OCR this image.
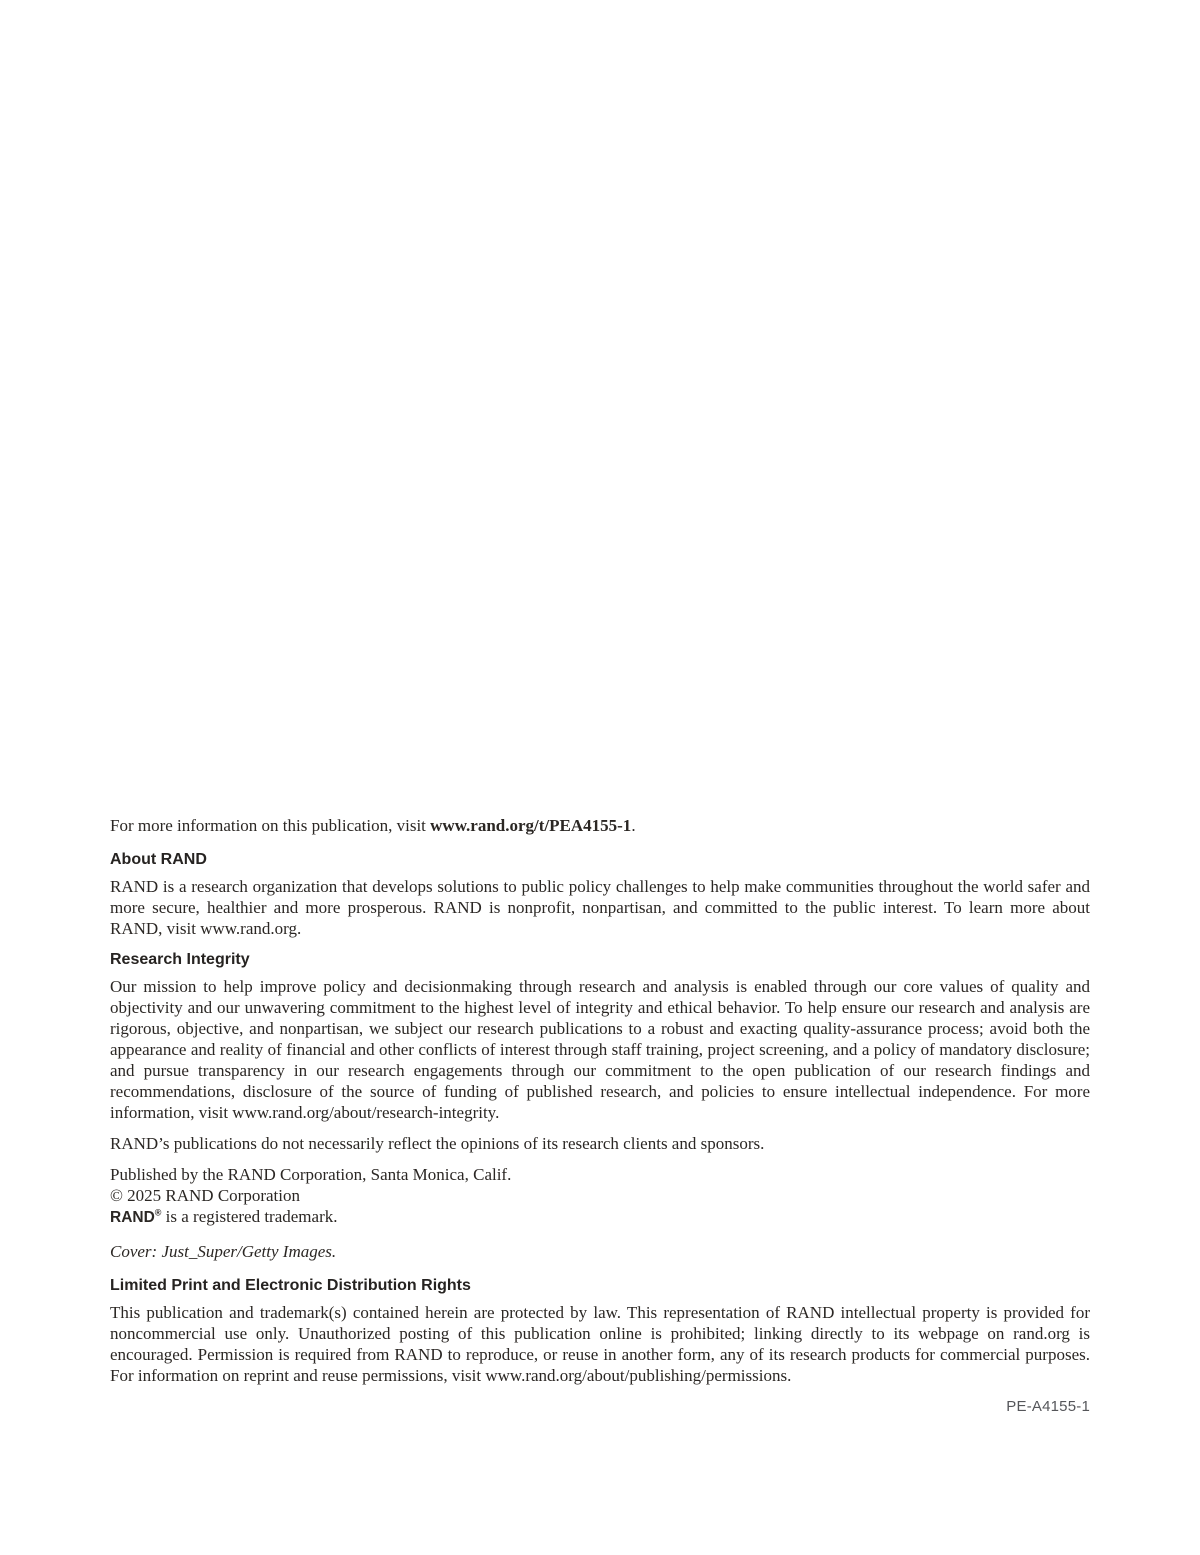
For more information on this publication, visit www.rand.org/t/PEA4155-1.

About RAND

RAND is a research organization that develops solutions to public policy challenges to help make communities throughout the world safer and more secure, healthier and more prosperous. RAND is nonprofit, nonpartisan, and committed to the public interest. To learn more about RAND, visit www.rand.org.

Research Integrity

Our mission to help improve policy and decisionmaking through research and analysis is enabled through our core values of quality and objectivity and our unwavering commitment to the highest level of integrity and ethical behavior. To help ensure our research and analysis are rigorous, objective, and nonpartisan, we subject our research publications to a robust and exacting quality-assurance process; avoid both the appearance and reality of financial and other conflicts of interest through staff training, project screening, and a policy of mandatory disclosure; and pursue transparency in our research engagements through our commitment to the open publication of our research findings and recommendations, disclosure of the source of funding of published research, and policies to ensure intellectual independence. For more information, visit www.rand.org/about/research-integrity.

RAND’s publications do not necessarily reflect the opinions of its research clients and sponsors.

Published by the RAND Corporation, Santa Monica, Calif.

© 2025 RAND Corporation

RAND® is a registered trademark.

Cover: Just_Super/Getty Images.

Limited Print and Electronic Distribution Rights

This publication and trademark(s) contained herein are protected by law. This representation of RAND intellectual property is provided for noncommercial use only. Unauthorized posting of this publication online is prohibited; linking directly to its webpage on rand.org is encouraged. Permission is required from RAND to reproduce, or reuse in another form, any of its research products for commercial purposes. For information on reprint and reuse permissions, visit www.rand.org/about/publishing/permissions.

PE-A4155-1
